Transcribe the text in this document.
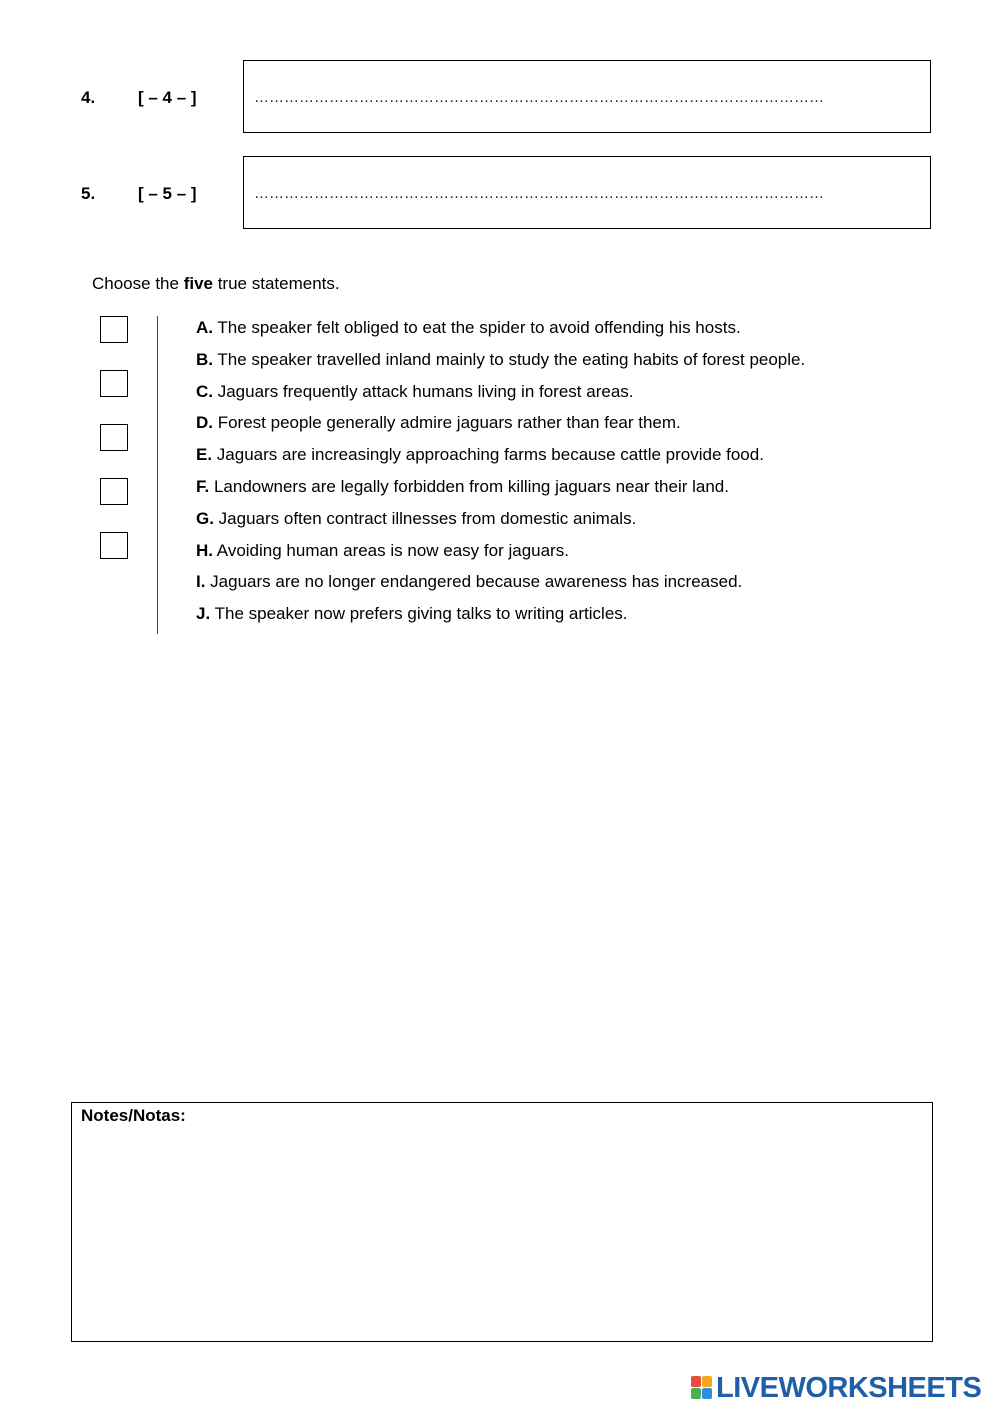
4.	[ – 4 – ]	……………………………………………………………………………………………………
5.	[ – 5 – ]	……………………………………………………………………………………………………
Choose the five true statements.
A. The speaker felt obliged to eat the spider to avoid offending his hosts.
B. The speaker travelled inland mainly to study the eating habits of forest people.
C. Jaguars frequently attack humans living in forest areas.
D. Forest people generally admire jaguars rather than fear them.
E. Jaguars are increasingly approaching farms because cattle provide food.
F. Landowners are legally forbidden from killing jaguars near their land.
G. Jaguars often contract illnesses from domestic animals.
H. Avoiding human areas is now easy for jaguars.
I. Jaguars are no longer endangered because awareness has increased.
J. The speaker now prefers giving talks to writing articles.
Notes/Notas:
LIVEWORKSHEETS
